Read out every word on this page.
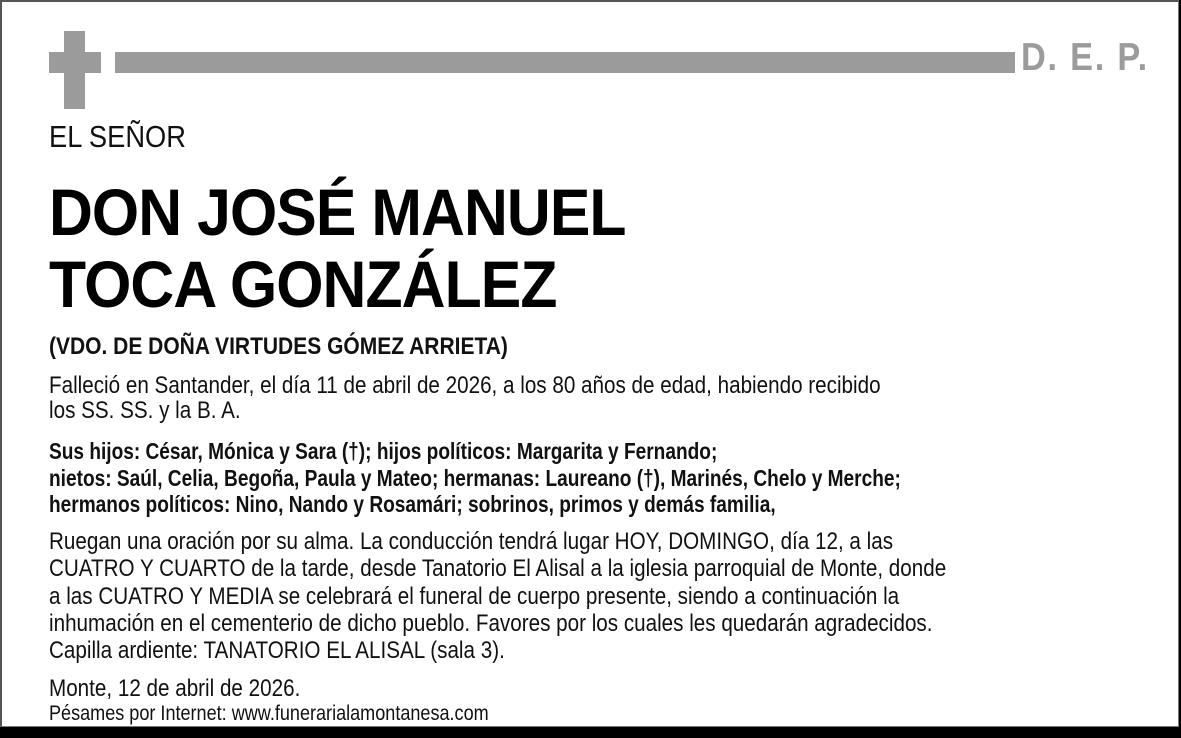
D. E. P.
EL SEÑOR
DON JOSÉ MANUEL
TOCA GONZÁLEZ
(VDO. DE DOÑA VIRTUDES GÓMEZ ARRIETA)
Falleció en Santander, el día 11 de abril de 2026, a los 80 años de edad, habiendo recibido
los SS. SS. y la B. A.
Sus hijos: César, Mónica y Sara (†); hijos políticos: Margarita y Fernando;
nietos: Saúl, Celia, Begoña, Paula y Mateo; hermanas: Laureano (†), Marinés, Chelo y Merche;
hermanos políticos: Nino, Nando y Rosamári; sobrinos, primos y demás familia,
Ruegan una oración por su alma. La conducción tendrá lugar HOY, DOMINGO, día 12, a las
CUATRO Y CUARTO de la tarde, desde Tanatorio El Alisal a la iglesia parroquial de Monte, donde
a las CUATRO Y MEDIA se celebrará el funeral de cuerpo presente, siendo a continuación la
inhumación en el cementerio de dicho pueblo. Favores por los cuales les quedarán agradecidos.
Capilla ardiente: TANATORIO EL ALISAL (sala 3).
Monte, 12 de abril de 2026.
Pésames por Internet: www.funerarialamontanesa.com
